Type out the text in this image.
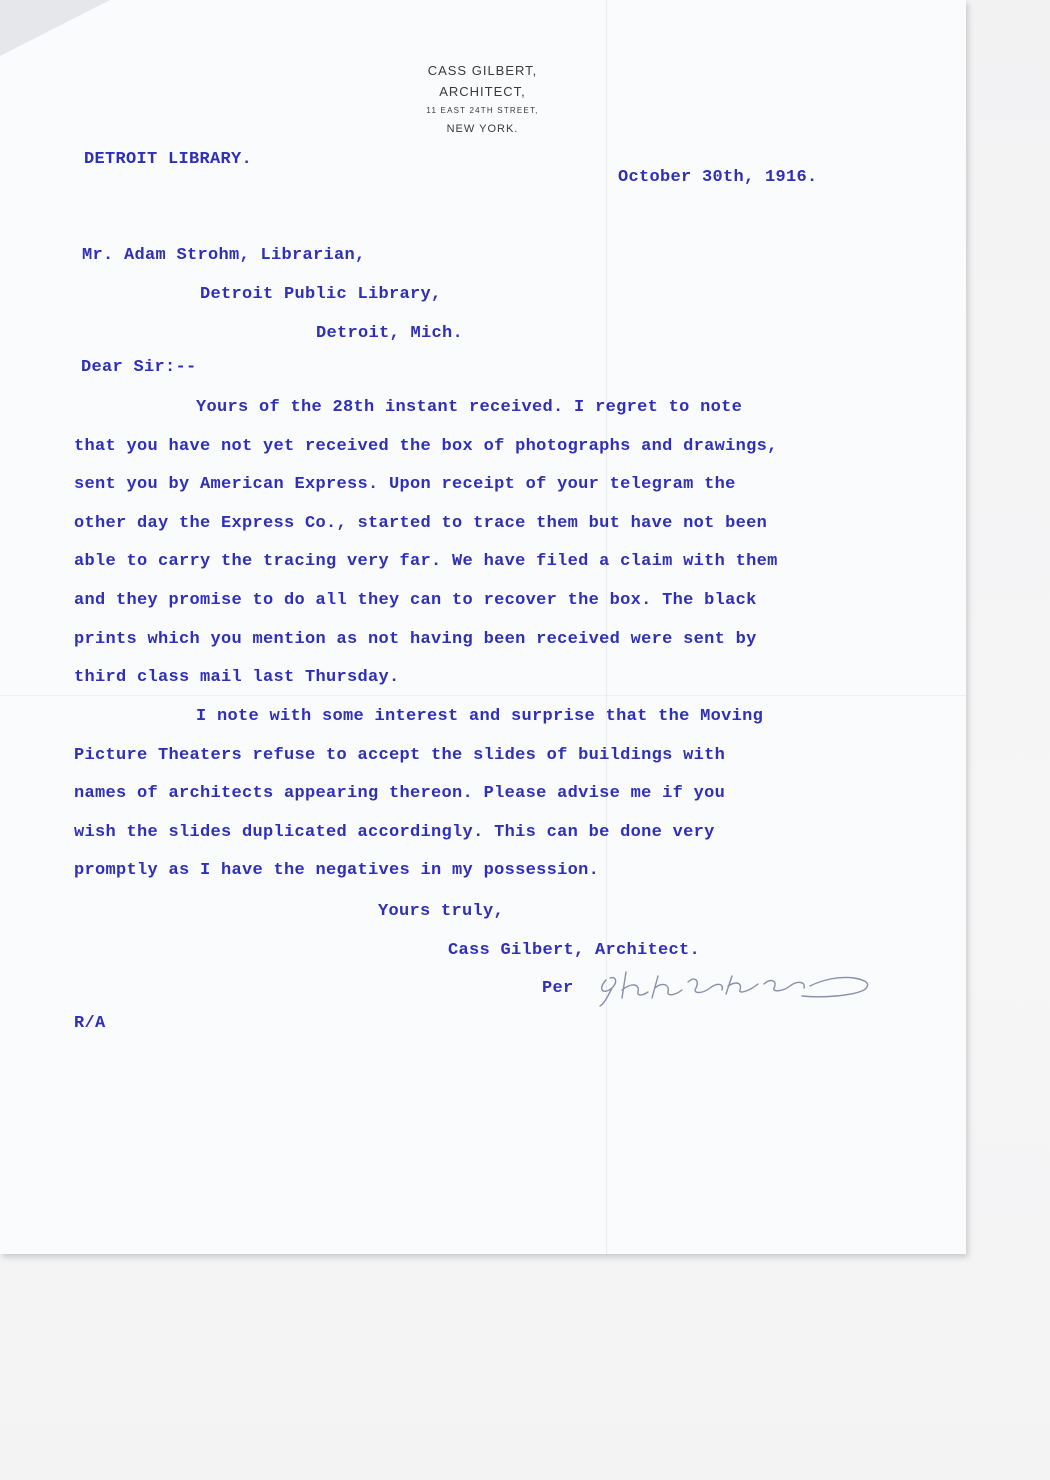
CASS GILBERT,
ARCHITECT,
11 EAST 24TH STREET,
NEW YORK.
DETROIT LIBRARY.
October 30th, 1916.
Mr. Adam Strohm, Librarian,
Detroit Public Library,
Detroit, Mich.
Dear Sir:--
Yours of the 28th instant received. I regret to note
that you have not yet received the box of photographs and drawings,
sent you by American Express. Upon receipt of your telegram the
other day the Express Co., started to trace them but have not been
able to carry the tracing very far. We have filed a claim with them
and they promise to do all they can to recover the box. The black
prints which you mention as not having been received were sent by
third class mail last Thursday.
I note with some interest and surprise that the Moving
Picture Theaters refuse to accept the slides of buildings with
names of architects appearing thereon. Please advise me if you
wish the slides duplicated accordingly. This can be done very
promptly as I have the negatives in my possession.
Yours truly,
Cass Gilbert, Architect.
Per
R/A
